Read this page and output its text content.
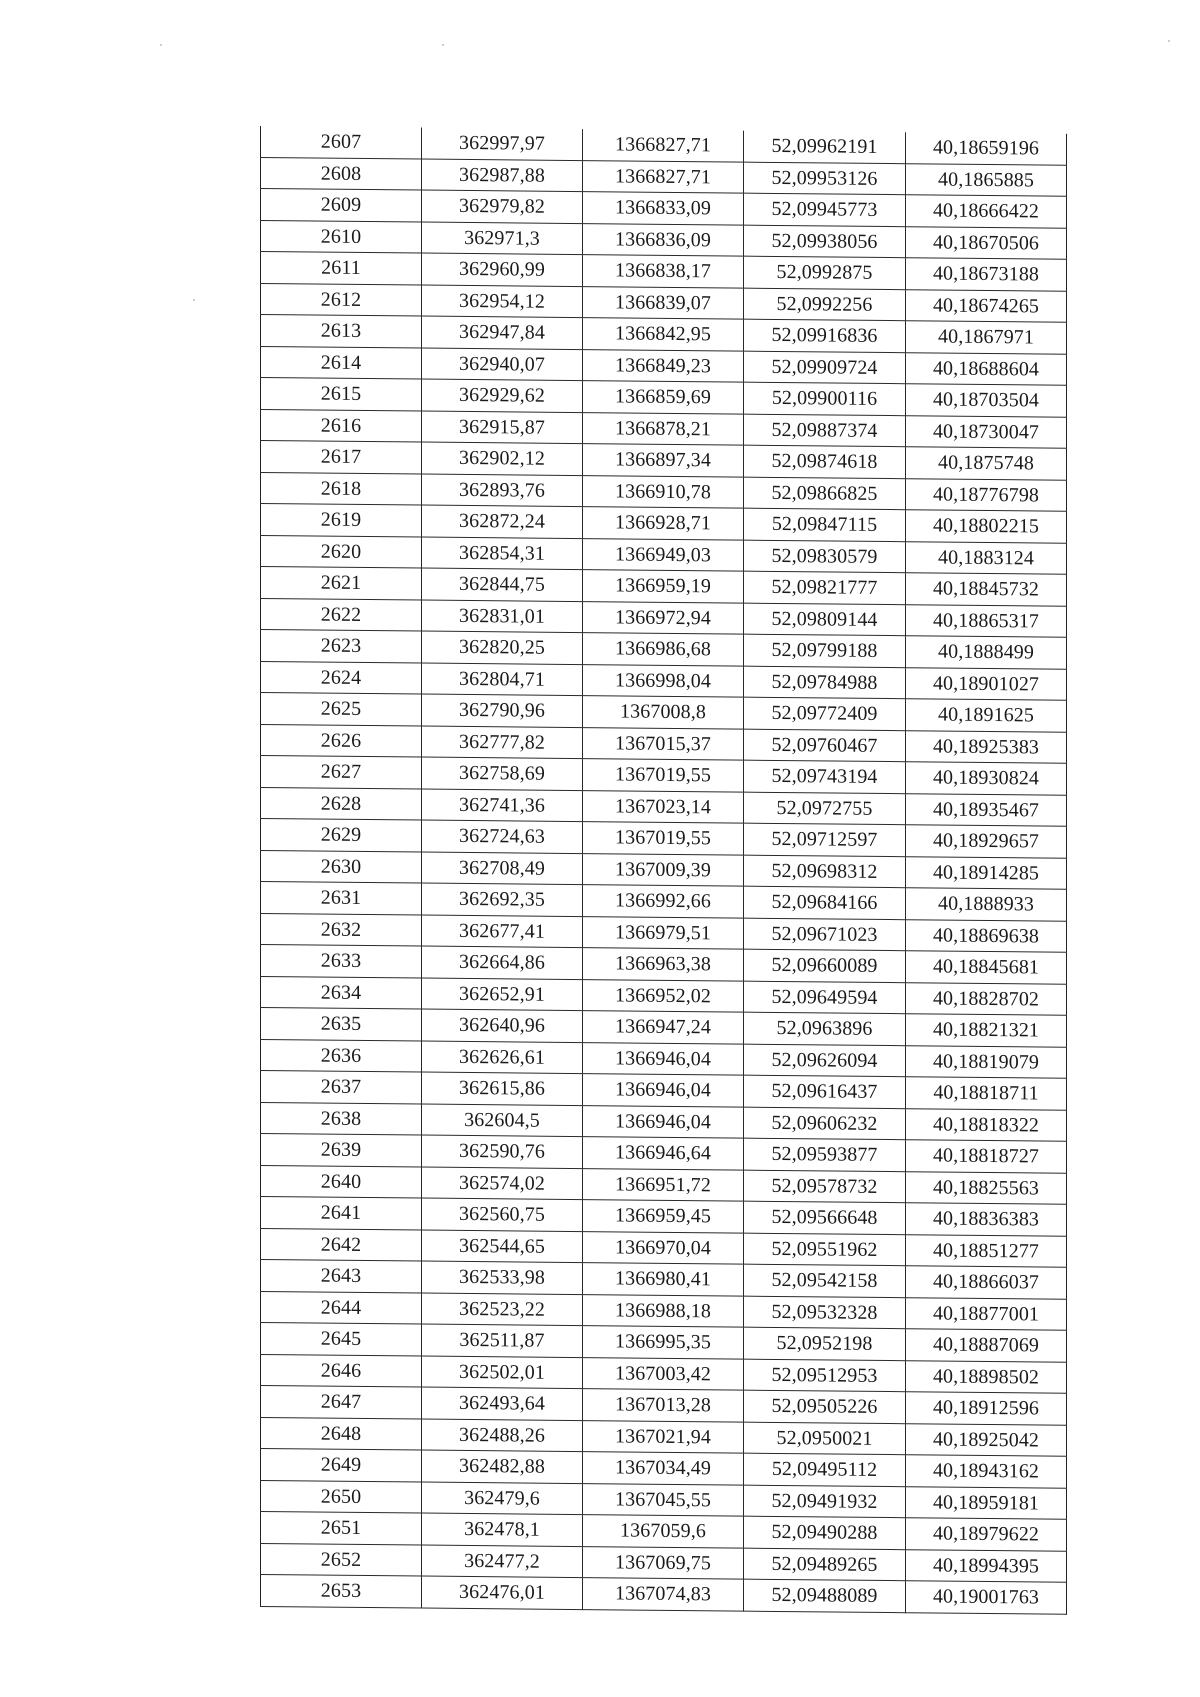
2607	362997,97	1366827,71	52,09962191	40,18659196
2608	362987,88	1366827,71	52,09953126	40,1865885
2609	362979,82	1366833,09	52,09945773	40,18666422
2610	362971,3	1366836,09	52,09938056	40,18670506
2611	362960,99	1366838,17	52,0992875	40,18673188
2612	362954,12	1366839,07	52,0992256	40,18674265
2613	362947,84	1366842,95	52,09916836	40,1867971
2614	362940,07	1366849,23	52,09909724	40,18688604
2615	362929,62	1366859,69	52,09900116	40,18703504
2616	362915,87	1366878,21	52,09887374	40,18730047
2617	362902,12	1366897,34	52,09874618	40,1875748
2618	362893,76	1366910,78	52,09866825	40,18776798
2619	362872,24	1366928,71	52,09847115	40,18802215
2620	362854,31	1366949,03	52,09830579	40,1883124
2621	362844,75	1366959,19	52,09821777	40,18845732
2622	362831,01	1366972,94	52,09809144	40,18865317
2623	362820,25	1366986,68	52,09799188	40,1888499
2624	362804,71	1366998,04	52,09784988	40,18901027
2625	362790,96	1367008,8	52,09772409	40,1891625
2626	362777,82	1367015,37	52,09760467	40,18925383
2627	362758,69	1367019,55	52,09743194	40,18930824
2628	362741,36	1367023,14	52,0972755	40,18935467
2629	362724,63	1367019,55	52,09712597	40,18929657
2630	362708,49	1367009,39	52,09698312	40,18914285
2631	362692,35	1366992,66	52,09684166	40,1888933
2632	362677,41	1366979,51	52,09671023	40,18869638
2633	362664,86	1366963,38	52,09660089	40,18845681
2634	362652,91	1366952,02	52,09649594	40,18828702
2635	362640,96	1366947,24	52,0963896	40,18821321
2636	362626,61	1366946,04	52,09626094	40,18819079
2637	362615,86	1366946,04	52,09616437	40,18818711
2638	362604,5	1366946,04	52,09606232	40,18818322
2639	362590,76	1366946,64	52,09593877	40,18818727
2640	362574,02	1366951,72	52,09578732	40,18825563
2641	362560,75	1366959,45	52,09566648	40,18836383
2642	362544,65	1366970,04	52,09551962	40,18851277
2643	362533,98	1366980,41	52,09542158	40,18866037
2644	362523,22	1366988,18	52,09532328	40,18877001
2645	362511,87	1366995,35	52,0952198	40,18887069
2646	362502,01	1367003,42	52,09512953	40,18898502
2647	362493,64	1367013,28	52,09505226	40,18912596
2648	362488,26	1367021,94	52,0950021	40,18925042
2649	362482,88	1367034,49	52,09495112	40,18943162
2650	362479,6	1367045,55	52,09491932	40,18959181
2651	362478,1	1367059,6	52,09490288	40,18979622
2652	362477,2	1367069,75	52,09489265	40,18994395
2653	362476,01	1367074,83	52,09488089	40,19001763
